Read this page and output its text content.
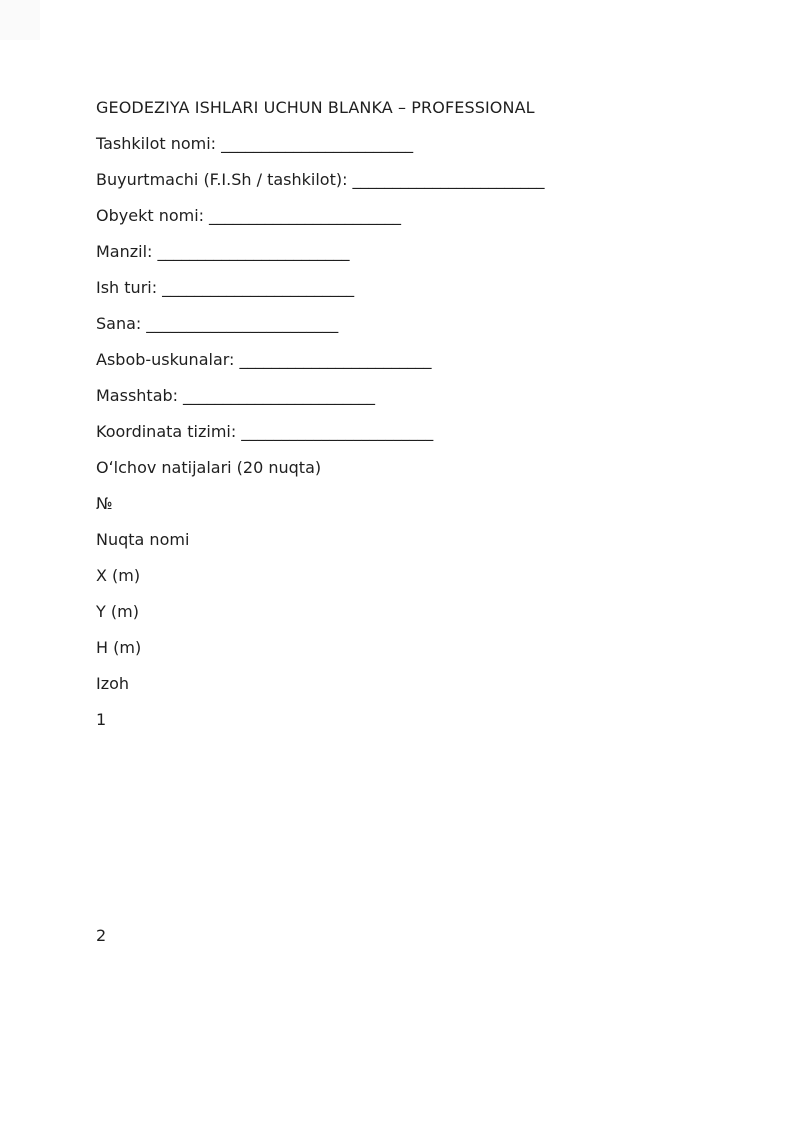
GEODEZIYA ISHLARI UCHUN BLANKA – PROFESSIONAL
Tashkilot nomi: ________________________
Buyurtmachi (F.I.Sh / tashkilot): ________________________
Obyekt nomi: ________________________
Manzil: ________________________
Ish turi: ________________________
Sana: ________________________
Asbob-uskunalar: ________________________
Masshtab: ________________________
Koordinata tizimi: ________________________
Oʻlchov natijalari (20 nuqta)
№
Nuqta nomi
X (m)
Y (m)
H (m)
Izoh
1
2
